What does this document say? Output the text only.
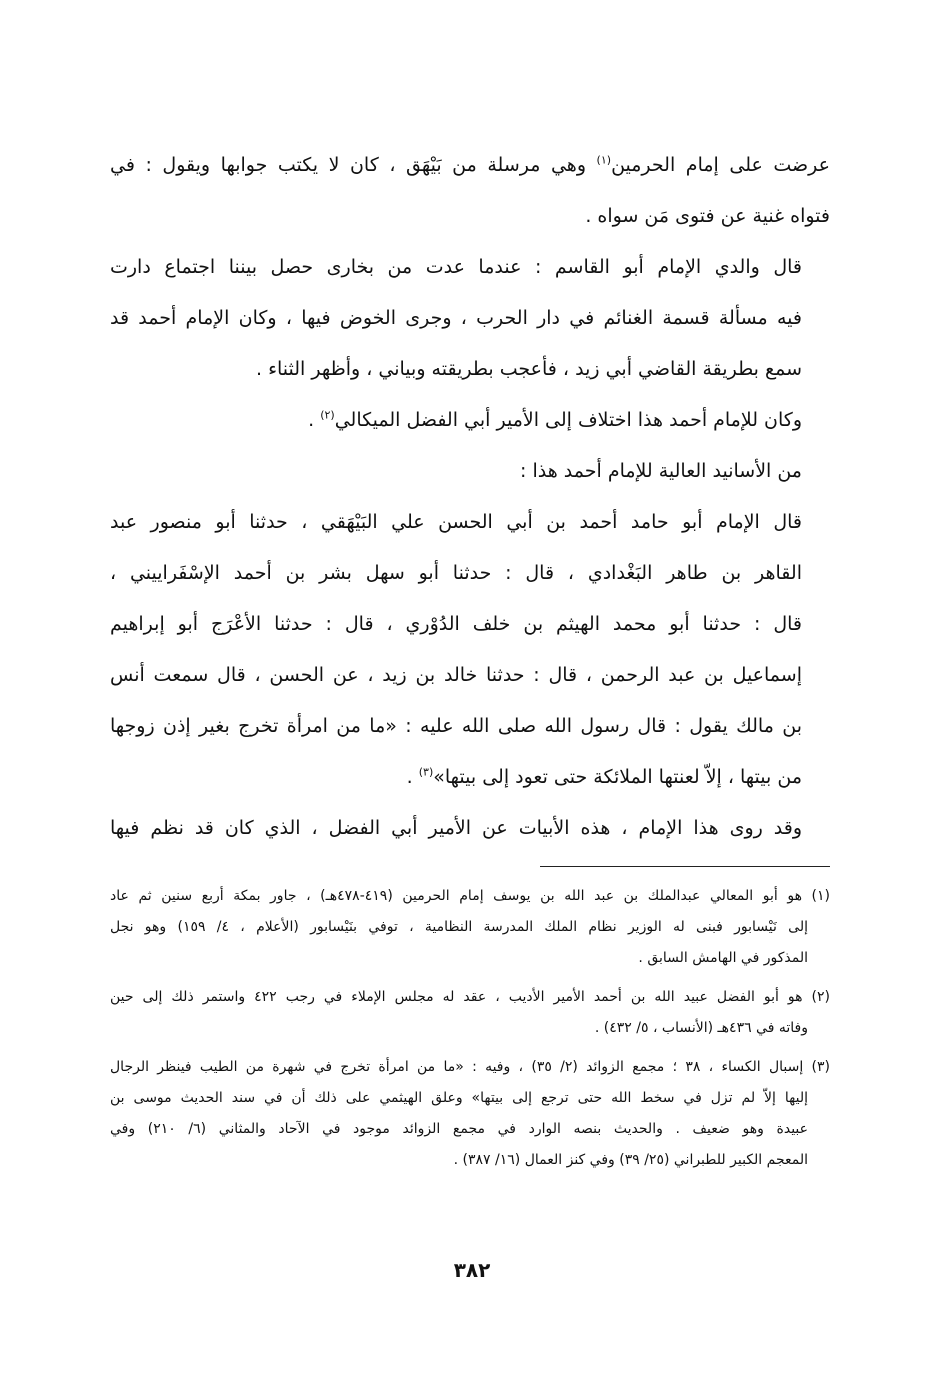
عرضت على إمام الحرمين$^{(١)}$ وهي مرسلة من بَيْهَق ، كان لا يكتب جوابها ويقول : في
فتواه غنية عن فتوى مَن سواه .

قال والدي الإمام أبو القاسم : عندما عدت من بخارى حصل بيننا اجتماع دارت
فيه مسألة قسمة الغنائم في دار الحرب ، وجرى الخوض فيها ، وكان الإمام أحمد قد
سمع بطريقة القاضي أبي زيد ، فأعجب بطريقته وبياني ، وأظهر الثناء .

وكان للإمام أحمد هذا اختلاف إلى الأمير أبي الفضل الميكالي$^{(٢)}$ .

من الأسانيد العالية للإمام أحمد هذا :

قال الإمام أبو حامد أحمد بن أبي الحسن علي البَيْهَقي ، حدثنا أبو منصور عبد
القاهر بن طاهر البَغْدادي ، قال : حدثنا أبو سهل بشر بن أحمد الإسْفَراييني ،
قال : حدثنا أبو محمد الهيثم بن خلف الدُوْري ، قال : حدثنا الأعْرَج أبو إبراهيم
إسماعيل بن عبد الرحمن ، قال : حدثنا خالد بن زيد ، عن الحسن ، قال سمعت أنس
بن مالك يقول : قال رسول الله صلى الله عليه : «ما من امرأة تخرج بغير إذن زوجها
من بيتها ، إلاّ لعنتها الملائكة حتى تعود إلى بيتها»$^{(٣)}$ .

وقد روى هذا الإمام ، هذه الأبيات عن الأمير أبي الفضل ، الذي كان قد نظم فيها

(١) هو أبو المعالي عبدالملك بن عبد الله بن يوسف إمام الحرمين (٤١٩-٤٧٨هـ) ، جاور بمكة أربع سنين ثم عاد
إلى نَيْسابور فبنى له الوزير نظام الملك المدرسة النظامية ، توفي بنَيْسابور (الأعلام ، ٤/ ١٥٩) وهو نجل
المذكور في الهامش السابق .

(٢) هو أبو الفضل عبيد الله بن أحمد الأمير الأديب ، عقد له مجلس الإملاء في رجب ٤٢٢ واستمر ذلك إلى حين
وفاته في ٤٣٦هـ (الأنساب ، ٥/ ٤٣٢) .

(٣) إسبال الكساء ، ٣٨ ؛ مجمع الزوائد (٢/ ٣٥) ، وفيه : «ما من امرأة تخرج في شهرة من الطيب فينظر الرجال
إليها إلاّ لم تزل في سخط الله حتى ترجع إلى بيتها» وعلق الهيثمي على ذلك أن في سند الحديث موسى بن
عبيدة وهو ضعيف . والحديث بنصه الوارد في مجمع الزوائد موجود في الآحاد والمثاني (٦/ ٢١٠) وفي
المعجم الكبير للطبراني (٢٥/ ٣٩) وفي كنز العمال (١٦/ ٣٨٧) .

٣٨٢
